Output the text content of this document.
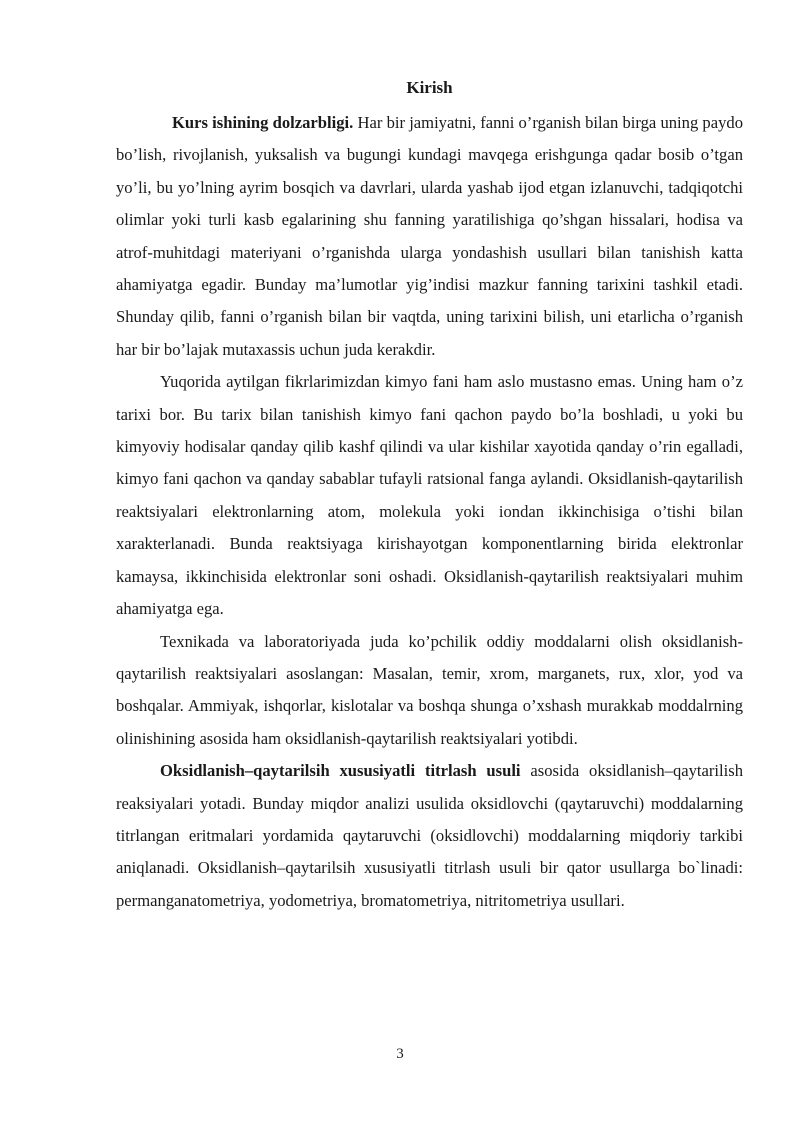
Kirish

Kurs ishining dolzarbligi. Har bir jamiyatni, fanni o’rganish bilan birga uning paydo bo’lish, rivojlanish, yuksalish va bugungi kundagi mavqega erishgunga qadar bosib o’tgan yo’li, bu yo’lning ayrim bosqich va davrlari, ularda yashab ijod etgan izlanuvchi, tadqiqotchi olimlar yoki turli kasb egalarining shu fanning yaratilishiga qo’shgan hissalari, hodisa va atrof-muhitdagi materiyani o’rganishda ularga yondashish usullari bilan tanishish katta ahamiyatga egadir. Bunday ma’lumotlar yig’indisi mazkur fanning tarixini tashkil etadi. Shunday qilib, fanni o’rganish bilan bir vaqtda, uning tarixini bilish, uni etarlicha o’rganish har bir bo’lajak mutaxassis uchun juda kerakdir.

Yuqorida aytilgan fikrlarimizdan kimyo fani ham aslo mustasno emas. Uning ham o’z tarixi bor. Bu tarix bilan tanishish kimyo fani qachon paydo bo’la boshladi, u yoki bu kimyoviy hodisalar qanday qilib kashf qilindi va ular kishilar xayotida qanday o’rin egalladi, kimyo fani qachon va qanday sabablar tufayli ratsional fanga aylandi. Oksidlanish-qaytarilish reaktsiyalari elektronlarning atom, molekula yoki iondan ikkinchisiga o’tishi bilan xarakterlanadi. Bunda reaktsiyaga kirishayotgan komponentlarning birida elektronlar kamaysa, ikkinchisida elektronlar soni oshadi. Oksidlanish-qaytarilish reaktsiyalari muhim ahamiyatga ega.

Texnikada va laboratoriyada juda ko’pchilik oddiy moddalarni olish oksidlanish-qaytarilish reaktsiyalari asoslangan: Masalan, temir, xrom, marganets, rux, xlor, yod va boshqalar. Ammiyak, ishqorlar, kislotalar va boshqa shunga o’xshash murakkab moddalrning olinishining asosida ham oksidlanish-qaytarilish reaktsiyalari yotibdi.

Oksidlanish–qaytarilsih xususiyatli titrlash usuli asosida oksidlanish–qaytarilish reaksiyalari yotadi. Bunday miqdor analizi usulida oksidlovchi (qaytaruvchi) moddalarning titrlangan eritmalari yordamida qaytaruvchi (oksidlovchi) moddalarning miqdoriy tarkibi aniqlanadi. Oksidlanish–qaytarilsih xususiyatli titrlash usuli bir qator usullarga bo`linadi: permanganatometriya, yodometriya, bromatometriya, nitritometriya usullari.

3
